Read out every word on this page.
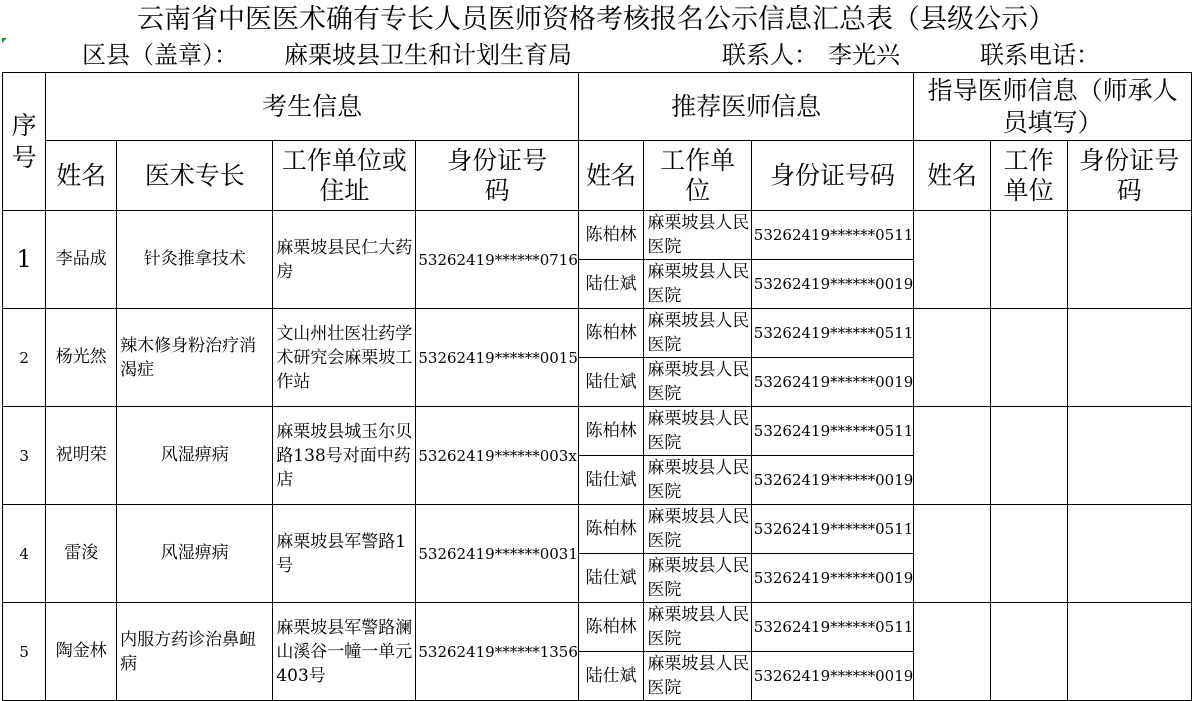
云南省中医医术确有专长人员医师资格考核报名公示信息汇总表（县级公示）
区县（盖章）： 麻栗坡县卫生和计划生育局	联系人： 李光兴	联系电话：
序号	考生信息				推荐医师信息			指导医师信息（师承人员填写）		
	姓名	医术专长	工作单位或住址	身份证号码	姓名	工作单位	身份证号码	姓名	工作单位	身份证号码

1	李品成	针灸推拿技术	麻栗坡县民仁大药房	53262419******0716	陈柏林	麻栗坡县人民医院	53262419******0511			
					陆仕斌	麻栗坡县人民医院	53262419******0019			
2	杨光然	辣木修身粉治疗消渴症	文山州壮医壮药学术研究会麻栗坡工作站	53262419******0015	陈柏林	麻栗坡县人民医院	53262419******0511			
					陆仕斌	麻栗坡县人民医院	53262419******0019			
3	祝明荣	风湿痹病	麻栗坡县城玉尔贝路138号对面中药店	53262419******003x	陈柏林	麻栗坡县人民医院	53262419******0511			
					陆仕斌	麻栗坡县人民医院	53262419******0019			
4	雷浚	风湿痹病	麻栗坡县军警路1号	53262419******0031	陈柏林	麻栗坡县人民医院	53262419******0511			
					陆仕斌	麻栗坡县人民医院	53262419******0019			
5	陶金林	内服方药诊治鼻衄病	麻栗坡县军警路澜山溪谷一幢一单元403号	53262419******1356	陈柏林	麻栗坡县人民医院	53262419******0511			
					陆仕斌	麻栗坡县人民医院	53262419******0019			
